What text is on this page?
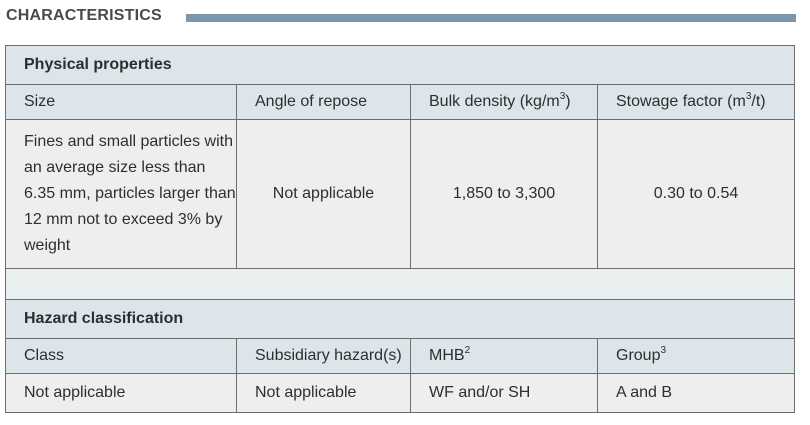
CHARACTERISTICS
Physical properties			
Size	Angle of repose	Bulk density $(kg/m^3)$	Stowage factor $(m^3/t)$
Fines and small particles with an average size less than 6.35 mm, particles larger than 12 mm not to exceed 3% by weight	Not applicable	1,850 to 3,300	0.30 to 0.54

Hazard classification			
Class	Subsidiary hazard(s)	MHB$^2$	Group$^3$
Not applicable	Not applicable	WF and/or SH	A and B
